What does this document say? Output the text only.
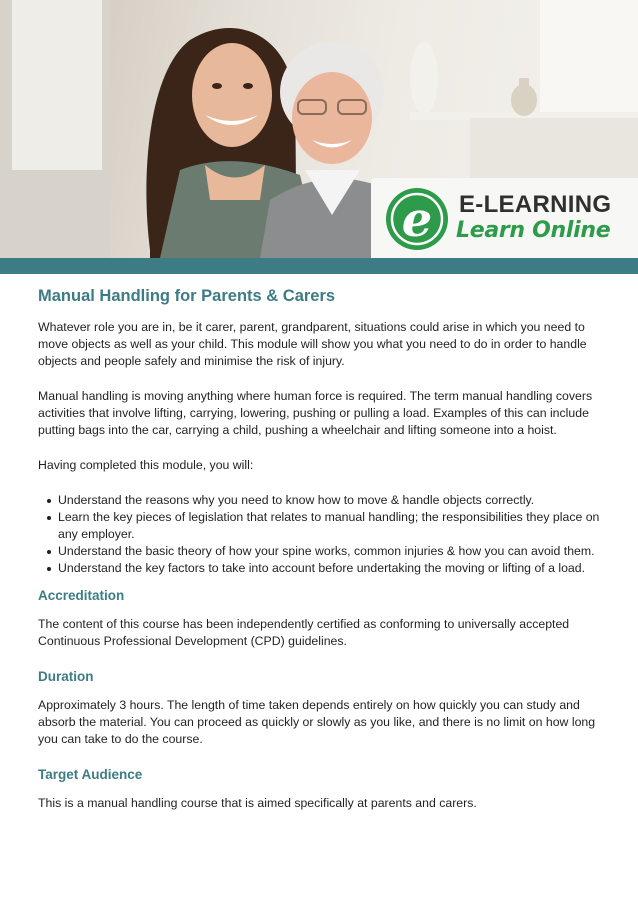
e E-LEARNING
Learn Online
Manual Handling for Parents & Carers

Whatever role you are in, be it carer, parent, grandparent, situations could arise in which you need to move objects as well as your child. This module will show you what you need to do in order to handle objects and people safely and minimise the risk of injury.

Manual handling is moving anything where human force is required. The term manual handling covers activities that involve lifting, carrying, lowering, pushing or pulling a load. Examples of this can include putting bags into the car, carrying a child, pushing a wheelchair and lifting someone into a hoist.

Having completed this module, you will:

Understand the reasons why you need to know how to move & handle objects correctly.
Learn the key pieces of legislation that relates to manual handling; the responsibilities they place on any employer.
Understand the basic theory of how your spine works, common injuries & how you can avoid them.
Understand the key factors to take into account before undertaking the moving or lifting of a load.
Accreditation

The content of this course has been independently certified as conforming to universally accepted Continuous Professional Development (CPD) guidelines.

Duration

Approximately 3 hours. The length of time taken depends entirely on how quickly you can study and absorb the material. You can proceed as quickly or slowly as you like, and there is no limit on how long you can take to do the course.

Target Audience

This is a manual handling course that is aimed specifically at parents and carers.
